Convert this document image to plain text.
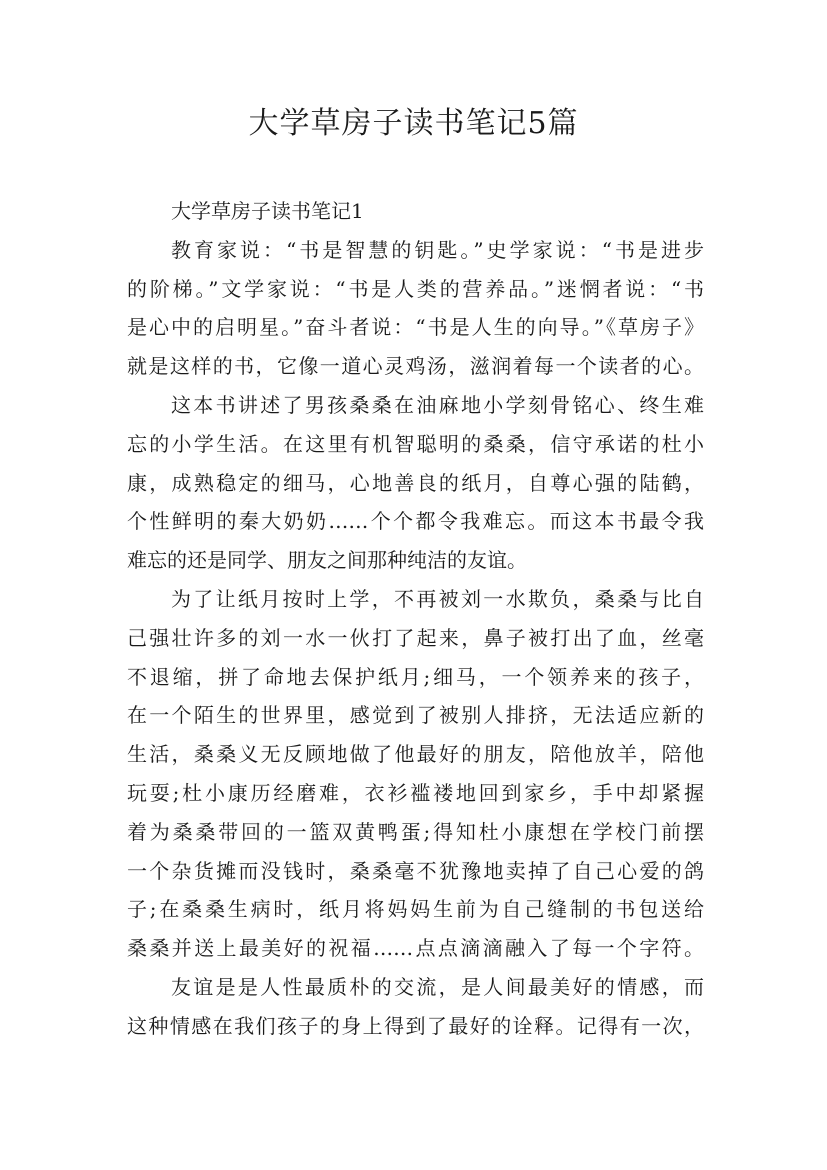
大学草房子读书笔记5篇
大学草房子读书笔记1
教育家说：“书是智慧的钥匙。”史学家说：“书是进步
的阶梯。”文学家说：“书是人类的营养品。”迷惘者说：“书
是心中的启明星。”奋斗者说：“书是人生的向导。”《草房子》
就是这样的书，它像一道心灵鸡汤，滋润着每一个读者的心。
这本书讲述了男孩桑桑在油麻地小学刻骨铭心、终生难
忘的小学生活。在这里有机智聪明的桑桑，信守承诺的杜小
康，成熟稳定的细马，心地善良的纸月，自尊心强的陆鹤，
个性鲜明的秦大奶奶……个个都令我难忘。而这本书最令我
难忘的还是同学、朋友之间那种纯洁的友谊。
为了让纸月按时上学，不再被刘一水欺负，桑桑与比自
己强壮许多的刘一水一伙打了起来，鼻子被打出了血，丝毫
不退缩，拼了命地去保护纸月;细马，一个领养来的孩子，
在一个陌生的世界里，感觉到了被别人排挤，无法适应新的
生活，桑桑义无反顾地做了他最好的朋友，陪他放羊，陪他
玩耍;杜小康历经磨难，衣衫褴褛地回到家乡，手中却紧握
着为桑桑带回的一篮双黄鸭蛋;得知杜小康想在学校门前摆
一个杂货摊而没钱时，桑桑毫不犹豫地卖掉了自己心爱的鸽
子;在桑桑生病时，纸月将妈妈生前为自己缝制的书包送给
桑桑并送上最美好的祝福……点点滴滴融入了每一个字符。
友谊是是人性最质朴的交流，是人间最美好的情感，而
这种情感在我们孩子的身上得到了最好的诠释。记得有一次，
